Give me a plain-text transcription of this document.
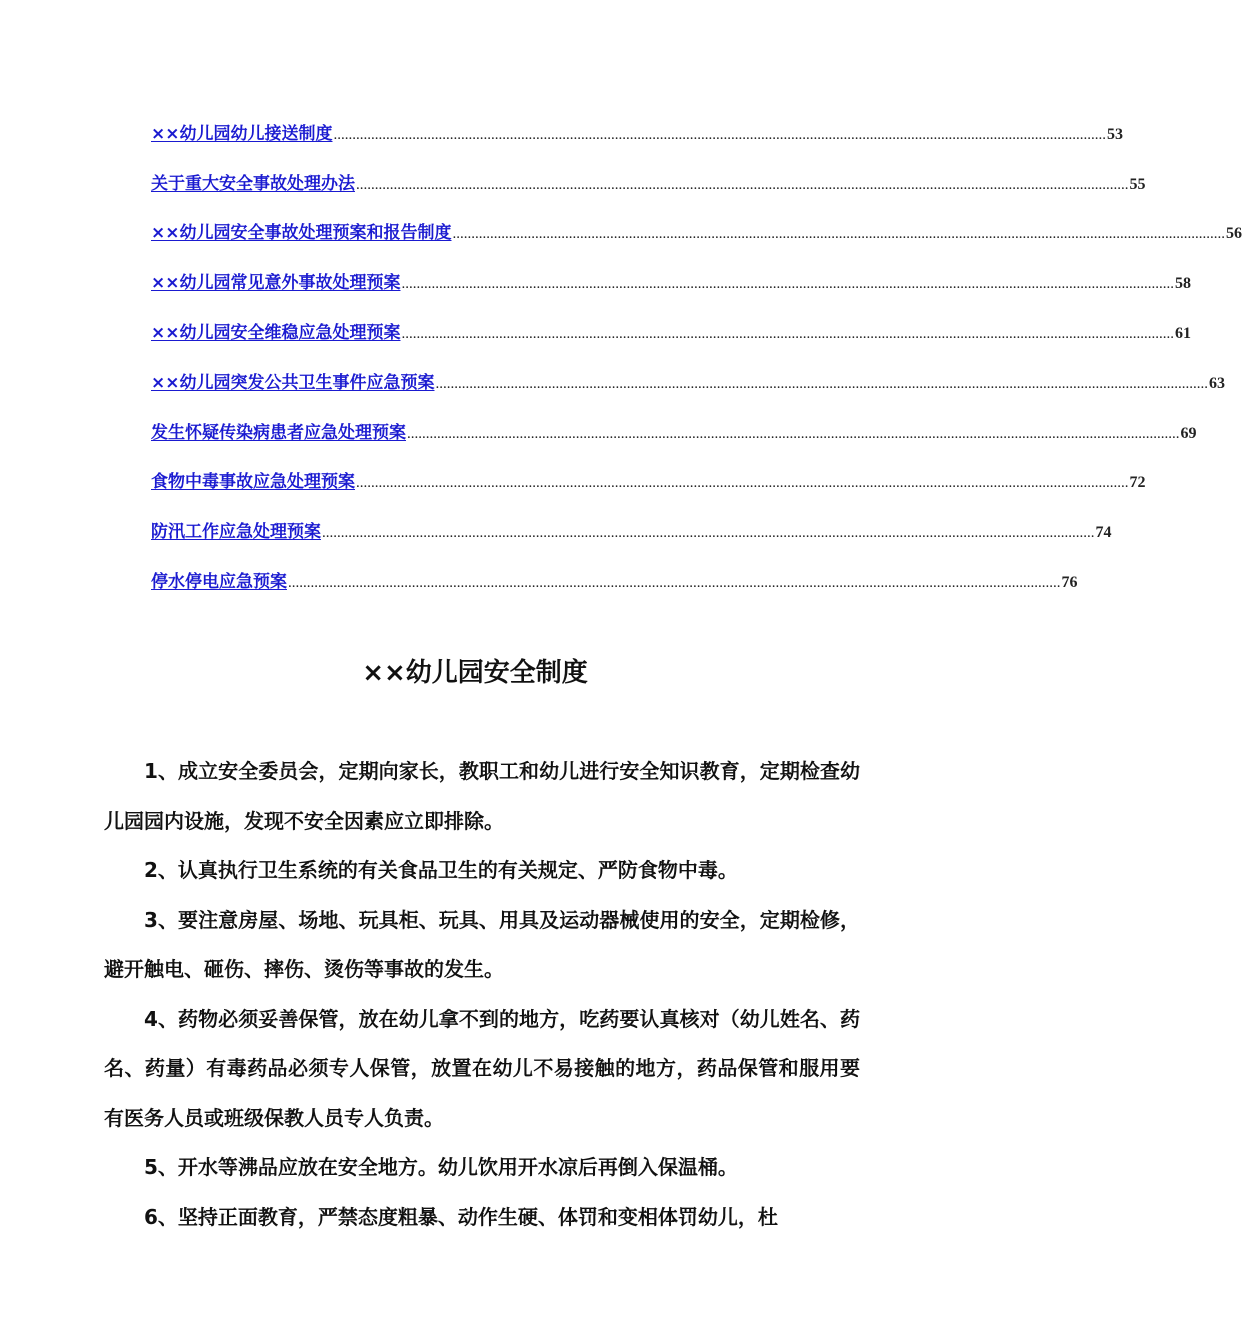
××幼儿园幼儿接送制度 .............................................................................................................................................................................................................. 53
关于重大安全事故处理办法 .............................................................................................................................................................................................................. 55
××幼儿园安全事故处理预案和报告制度 .............................................................................................................................................................................................................. 56
××幼儿园常见意外事故处理预案 .............................................................................................................................................................................................................. 58
××幼儿园安全维稳应急处理预案 .............................................................................................................................................................................................................. 61
××幼儿园突发公共卫生事件应急预案 .............................................................................................................................................................................................................. 63
发生怀疑传染病患者应急处理预案 .............................................................................................................................................................................................................. 69
食物中毒事故应急处理预案 .............................................................................................................................................................................................................. 72
防汛工作应急处理预案 .............................................................................................................................................................................................................. 74
停水停电应急预案 .............................................................................................................................................................................................................. 76
××幼儿园安全制度

1、成立安全委员会，定期向家长，教职工和幼儿进行安全知识教育，定期检查幼儿园园内设施，发现不安全因素应立即排除。

2、认真执行卫生系统的有关食品卫生的有关规定、严防食物中毒。

3、要注意房屋、场地、玩具柜、玩具、用具及运动器械使用的安全，定期检修，避开触电、砸伤、摔伤、烫伤等事故的发生。

4、药物必须妥善保管，放在幼儿拿不到的地方，吃药要认真核对（幼儿姓名、药名、药量）有毒药品必须专人保管，放置在幼儿不易接触的地方，药品保管和服用要有医务人员或班级保教人员专人负责。

5、开水等沸品应放在安全地方。幼儿饮用开水凉后再倒入保温桶。

6、坚持正面教育，严禁态度粗暴、动作生硬、体罚和变相体罚幼儿，杜
